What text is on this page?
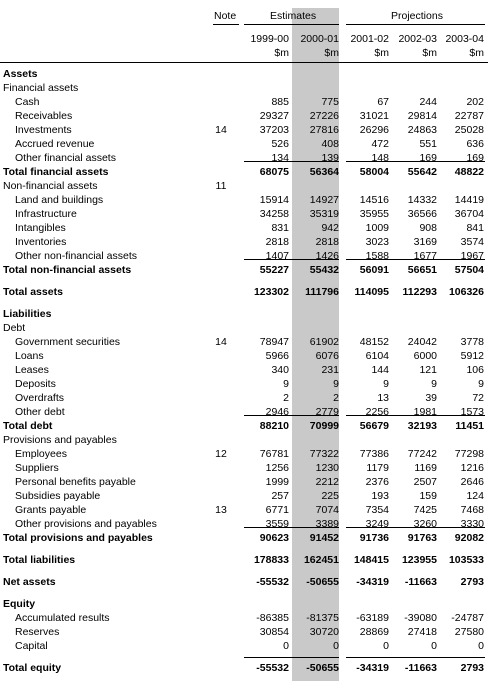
Note	Estimates	Projections
1999-00 2000-01 2001-02 2002-03 2003-04
$m	$m	$m	$m	$m
Assets
Financial assets
Cash	885	775	67	244	202
Receivables	29327 27226 31021 29814 22787
Investments	14	37203 27816 26296 24863 25028
Accrued revenue	526	408	472	551	636
Other financial assets	134	139	148	169	169
Total financial assets	68075 56364 58004 55642 48822
Non-financial assets	11
Land and buildings	15914 14927 14516 14332 14419
Infrastructure	34258 35319 35955 36566 36704
Intangibles	831	942	1009	908	841
Inventories	2818	2818	3023 3169 3574
Other non-financial assets	1407	1426	1588 1677 1967
Total non-financial assets	55227 55432 56091 56651 57504
Total assets	123302 111796 114095 112293 106326
Liabilities
Debt
Government securities	14	78947 61902 48152 24042 3778
Loans	5966	6076	6104 6000 5912
Leases	340	231	144	121	106
Deposits	9	9	9	9	9
Overdrafts	2	2	13	39	72
Other debt	2946	2779	2256 1981 1573
Total debt	88210 70999 56679 32193 11451
Provisions and payables
Employees	12	76781 77322 77386 77242 77298
Suppliers	1256	1230	1179 1169 1216
Personal benefits payable	1999	2212	2376 2507 2646
Subsidies payable	257	225	193	159	124
Grants payable	13	6771	7074	7354 7425 7468
Other provisions and payables	3559	3389	3249 3260 3330
Total provisions and payables	90623 91452 91736 91763 92082
Total liabilities	178833 162451 148415 123955 103533
Net assets	-55532 -50655 -34319 -11663 2793
Equity
Accumulated results	-86385 -81375 -63189 -39080 -24787
Reserves	30854 30720 28869 27418 27580
Capital	0	0	0	0	0
Total equity	-55532 -50655 -34319 -11663 2793
